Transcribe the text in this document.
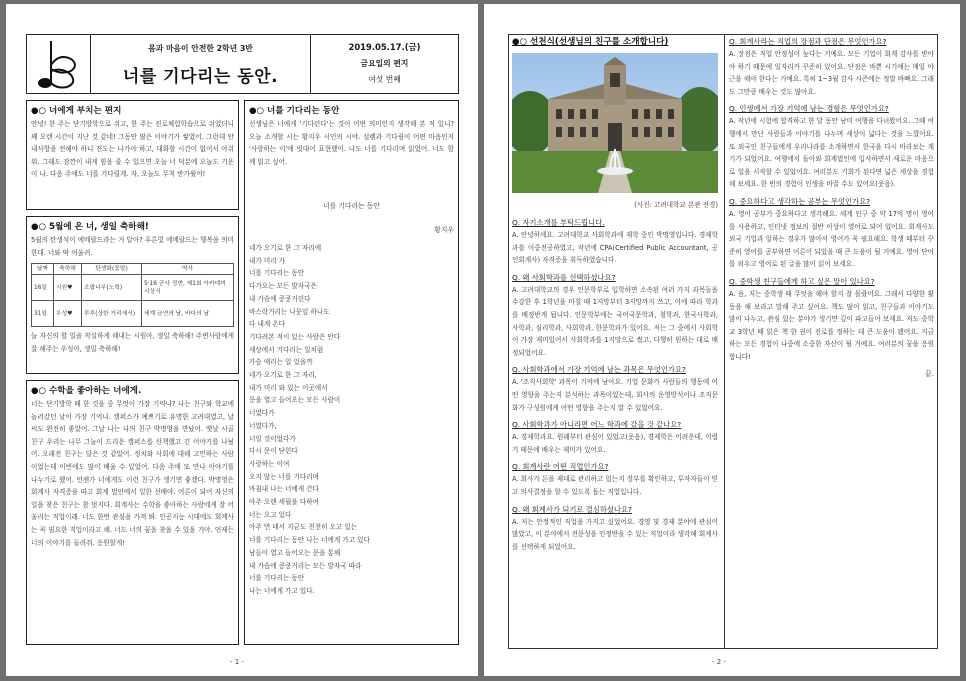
몸과 마음이 안전한 2학년 3반
너를 기다리는 동안.
2019.05.17.(금)
금요일의 편지
여섯 번째
●○ 너에게 부치는 편지
안녕! 한 주는 단기방학으로 쉬고, 한 주는 진로체험학습으로 쉬었더니 꽤 오랜 시간이 지난 것 같네! 그동안 많은 이야기가 쌓였어. 그런데 안내사항을 전해야 하니 진도는 나가야 하고, 대화할 시간이 없어서 아쉬워. 그래도 잠깐이 내게 힘을 줄 수 있으면 오늘 너 덕분에 오늘도 기운이 나. 다음 주에도 너를 기다릴게. 자, 오늘도 무척 반가웠어!
●○ 5월에 온 너, 생일 축하해!
5월의 탄생석이 에메랄드라는 거 알아? 푸른빛 에메랄드는 행복을 의미한대. 너와 딱 어울려.
날짜	축하해	탄생화(꽃말)	역사
16일	시원♥	조팝나무(노력)	5·16 군사 정변, 제1회 아카데미 시상식
31일	우성♥	루루(상한 거리에서)	세계 금연의 날, 바다의 날
늘 자신의 할 일을 착실하게 해내는 시원아, 생일 축하해! 주변사람에게 잘 해주는 우성아, 생일 축하해!
●○ 수학을 좋아하는 너에게.
너는 단기방학 때 한 것을 중 무엇이 가장 기억나? 나는 친구와 학교에 놀러갔던 날이 가장 기억나. 캠퍼스가 예쁘기로 유명한 고려대였고, 날씨도 완전히 좋았어. 그날 나는 나의 친구 박명영을 만났어. 옛날 시골 친구 우리는 나무 그늘이 드리운 캠퍼스를 산책했고 긴 이야기를 나눴어. 오래전 친구는 달은 것 같았어. 정치와 사회에 대해 고민하는 사람이었는데 이번에도 많이 배울 수 있었어. 다음 주에 또 만나 이야기를 나누기로 했어. 언젠가 너에게도 이런 친구가 생기면 좋겠다. 박명영은 회계사 자격증을 따고 회계 법인에서 일한 선배야. 어른이 되어 자신의 일을 찾은 친구는 참 멋지다. 회계사는 수학을 좋아하는 사람에게 잘 어울리는 직업이래. 너도 한번 관심을 가져 봐. 인공지능 시대에도 회계사는 꼭 필요한 직업이라고 해. 너도 너의 꿈을 찾을 수 있을 거야. 언제든 너의 이야기를 들려줘. 응원할게!
●○ 너를 기다리는 동안
선생님은 너에게 '기다린다'는 것이 어떤 의미인지 생각해 본 적 있니? 오늘 소개할 시는 황지우 시인의 시야. 설렘과 기다림이 어떤 마음인지 '사랑하는 이'에 빗대어 표현했어. 나도 너를 기다리며 읽었어. 너도 함께 읽고 싶어.
너를 기다리는 동안
황지우
네가 오기로 한 그 자리에
내가 미리 가
너를 기다리는 동안
다가오는 모든 발자국은
내 가슴에 쿵쿵거린다
바스락거리는 나뭇잎 하나도
다 내게 온다
기다려본 적이 있는 사람은 안다
세상에서 기다리는 일처럼
가슴 애리는 일 있을까
네가 오기로 한 그 자리,
내가 미리 와 있는 이곳에서
문을 열고 들어오는 모든 사람이
너였다가
너였다가,
너일 것이었다가
다시 문이 닫힌다
사랑하는 이여
오지 않는 너를 기다리며
마침내 나는 너에게 간다
아주 오랜 세월을 다하여
너는 오고 있다
아주 먼 데서 지금도 천천히 오고 있는
너를 기다리는 동안 나는 너에게 가고 있다
남들이 열고 들어오는 문을 통해
내 가슴에 쿵쿵거리는 모든 발자국 따라
너를 기다리는 동안
나는 너에게 가고 있다.
- 1 -
●○ 선천식(선생님의 친구를 소개합니다)
(사진: 고려대학교 본관 전경)
Q. 자기소개를 부탁드립니다.
A. 안녕하세요. 고려대학교 사회학과에 재학 중인 박명영입니다. 경제학과를 이중전공하였고, 작년에 CPA(Certified Public Accountant, 공인회계사) 자격증을 취득하였습니다.
Q. 왜 사회학과를 선택하셨나요?
A. 고려대학교의 경우 인문학부로 입학하면 소속된 여러 가지 과목들을 수강한 후 1학년을 마칠 때 1지망부터 3지망까지 쓰고, 이에 따라 학과를 배정받게 됩니다. 인문학부에는 국어국문학과, 철학과, 한국사학과, 사학과, 심리학과, 사회학과, 한문학과가 있어요. 저는 그 중에서 사회학이 가장 재미있어서 사회학과를 1지망으로 썼고, 다행히 원하는 대로 배정되었어요.
Q. 사회학과에서 가장 기억에 남는 과목은 무엇인가요?
A. '조직사회학' 과목이 기억에 남아요. 기업 문화가 사람들의 행동에 어떤 영향을 주는지 분석하는 과목이었는데, 회사의 운영방식이나 조직문화가 구성원에게 어떤 영향을 주는지 알 수 있었어요.
Q. 사회학과가 아니라면 어느 학과에 갔을 것 같나요?
A. 경제학과요. 원래부터 관심이 있었고(웃음), 경제학은 어려운데, 어렵기 때문에 배우는 재미가 있어요.
Q. 회계사란 어떤 직업인가요?
A. 회사가 돈을 제대로 관리하고 있는지 장부를 확인하고, 투자자들이 믿고 의사결정을 할 수 있도록 돕는 직업입니다.
Q. 왜 회계사가 되기로 결심하셨나요?
A. 저는 안정적인 직업을 가지고 싶었어요. 경영 및 경제 분야에 관심이 많았고, 이 분야에서 전문성을 인정받을 수 있는 직업이라 생각해 회계사를 선택하게 되었어요.
Q. 회계사라는 직업의 장점과 단점은 무엇인가요?
A. 장점은 직업 안정성이 높다는 거예요. 모든 기업이 회계 감사를 받아야 하기 때문에 일자리가 꾸준히 있어요. 단점은 바쁜 시기에는 매일 야근을 해야 한다는 거예요. 특히 1~3월 감사 시즌에는 정말 바빠요. 그래도 그만큼 배우는 것도 많아요.
Q. 인생에서 가장 기억에 남는 경험은 무엇인가요?
A. 작년에 시험에 합격하고 한 달 동안 남미 여행을 다녀왔어요. 그때 여행에서 만난 사람들과 이야기를 나누며 세상이 넓다는 것을 느꼈어요. 또 외국인 친구들에게 우리나라를 소개하면서 한국을 다시 바라보는 계기가 되었어요. 여행에서 돌아와 회계법인에 입사하면서 새로운 마음으로 일을 시작할 수 있었어요. 여러분도 기회가 된다면 넓은 세상을 경험해 보세요. 한 번의 경험이 인생을 바꿀 수도 있어요(웃음).
Q. 중요하다고 생각하는 공부는 무엇인가요?
A. 영어 공부가 중요하다고 생각해요. 세계 인구 중 약 17억 명이 영어를 사용하고, 인터넷 정보의 절반 이상이 영어로 되어 있어요. 회계사도 외국 기업과 일하는 경우가 많아서 영어가 꼭 필요해요. 학생 때부터 꾸준히 영어를 공부하면 어른이 되었을 때 큰 도움이 될 거예요. 영어 단어를 외우고 영어로 된 글을 많이 읽어 보세요.
Q. 중학생 친구들에게 하고 싶은 말이 있나요?
A. 음, 저는 중학생 때 무엇을 해야 할지 잘 몰랐어요. 그래서 다양한 활동을 해 보라고 말해 주고 싶어요. 책도 많이 읽고, 친구들과 이야기도 많이 나누고, 관심 있는 분야가 생기면 깊이 파고들어 보세요. 저도 중학교 3학년 때 읽은 책 한 권이 진로를 정하는 데 큰 도움이 됐어요. 지금 하는 모든 경험이 나중에 소중한 자산이 될 거예요. 여러분의 꿈을 응원합니다!
끝.
- 2 -
